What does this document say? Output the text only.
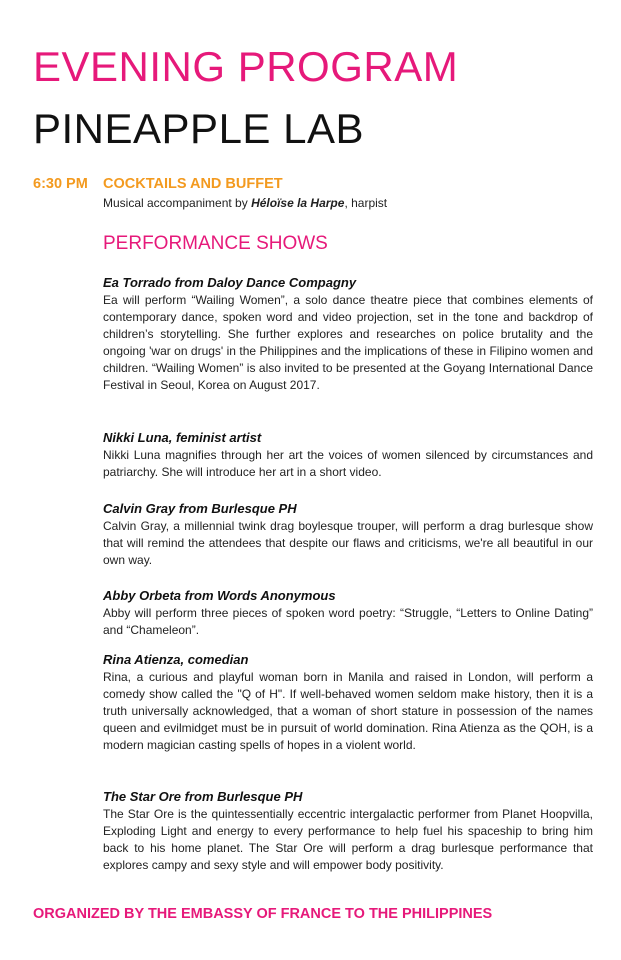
EVENING PROGRAM
PINEAPPLE LAB
6:30 PM COCKTAILS AND BUFFET
Musical accompaniment by Héloïse la Harpe, harpist
PERFORMANCE SHOWS

Ea Torrado from Daloy Dance Compagny

Ea will perform “Wailing Women”, a solo dance theatre piece that combines elements of contemporary dance, spoken word and video projection, set in the tone and backdrop of children’s storytelling. She further explores and researches on police brutality and the ongoing 'war on drugs' in the Philippines and the implications of these in Filipino women and children. “Wailing Women” is also invited to be presented at the Goyang International Dance Festival in Seoul, Korea on August 2017.

Nikki Luna, feminist artist

Nikki Luna magnifies through her art the voices of women silenced by circumstances and patriarchy. She will introduce her art in a short video.

Calvin Gray from Burlesque PH

Calvin Gray, a millennial twink drag boylesque trouper, will perform a drag burlesque show that will remind the attendees that despite our flaws and criticisms, we're all beautiful in our own way.

Abby Orbeta from Words Anonymous

Abby will perform three pieces of spoken word poetry: “Struggle, “Letters to Online Dating” and “Chameleon”.

Rina Atienza, comedian

Rina, a curious and playful woman born in Manila and raised in London, will perform a comedy show called the "Q of H". If well-behaved women seldom make history, then it is a truth universally acknowledged, that a woman of short stature in possession of the names queen and evilmidget must be in pursuit of world domination. Rina Atienza as the QOH, is a modern magician casting spells of hopes in a violent world.

The Star Ore from Burlesque PH

The Star Ore is the quintessentially eccentric intergalactic performer from Planet Hoopvilla, Exploding Light and energy to every performance to help fuel his spaceship to bring him back to his home planet. The Star Ore will perform a drag burlesque performance that explores campy and sexy style and will empower body positivity.

ORGANIZED BY THE EMBASSY OF FRANCE TO THE PHILIPPINES
